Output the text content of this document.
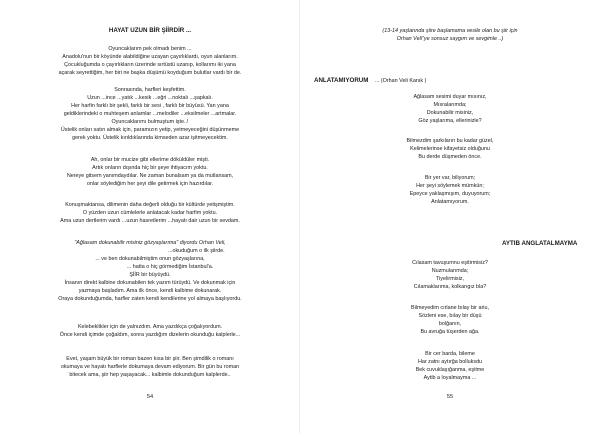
HAYAT UZUN BİR ŞİİRDİR ...

Oyuncaklarım pek olmadı benim ...

Anadolu'nun bir köyünde alabildiğine uzayan çayırlıklardı, oyun alanlarım.

Çocukluğumda o çayırlıkların üzerinde sırtüstü uzanıp, kollarımı iki yana

açarak seyrettiğim, her biri ne başka düşümü koyduğum bulutlar vardı bir de.

Sonrasında, harfleri keşfettim.

Uzun ...ince ...yatık ...kesik ...eğri ...noktalı ...şapkalı.

Her harfin farklı bir şekli, farklı bir sesi , farklı bir büyüsü. Yan yana

geldiklerindeki o muhteşem anlamlar ...melodiler ...eksilmeler ...artmalar.

Oyuncaklarımı bulmuştum işte..!

Üstelik onları satın almak için, paramızın yetip, yetmeyeceğini düşünmeme

gerek yoktu. Üstelik kırıldıklarında kimseden azar işitmeyecektim.

Ah, onlar bir mucize gibi ellerime döküldüler mişti.

Artık onların dışında hiç bir şeye ihtiyacım yoktu.

Nereye gitsem yanımdaydılar. Ne zaman bunalsam ya da mutlansam,

onlar söylediğim her şeyi dile getirmek için hazırdılar.

Konuşmaktansa, dilimenin daha değerli olduğu bir kültürde yetişmiştim.

O yüzden uzun cümlelerle anlatacak kadar harfim yoktu.

Ama uzun dertlerim vardı ...uzun hasretlerim ...hayatı dair uzun bir sevdam.

"Ağlasam dokunabilir misiniz gözyaşlarıma" diyordu Orhan Veli,

...okuduğum o ilk şiirde.

... ve ben dokunabilmiştim onun gözyaşlarına,

... hatta o hiç görmediğim İstanbul'a.

ŞİİR bir büyüydü.

İnsanın direkt kalbine dokunabilen tek yazım türüydü. Ve dokunmak için

yazmaya başladım. Ama ilk önce, kendi kalbime dokunarak.

Oraya dokunduğumda, harfler zaten kendi kendilerine yol almaya başlıyordu.

Kelebeklikler için de yalnızdım. Ama yazdıkça çoğalıyordum.

Önce kendi içimde çoğaldım, sonra yazdığım dizelerin okunduğu kalplerle...

Evet, yaşam büyük bir roman bazen kısa bir şiir. Ben şimdilik o romanı

okumaya ve hayatı harflerle dokumaya devam ediyorum. Bir gün bu roman

bitecek ama, şiir hep yaşayacak... kalbimle dokunduğum kalplerde..

54

(13-14 yaşlarında şiire başlamama vesile olan bu şiir için

Orhan Veli"ye sonsuz saygım ve sevgimle ..)

ANLATAMIYORUM ... (Orhan Veli Kanık )

Ağlasam sesimi duyar mısınız,

Mısralarımda;

Dokunabilir misiniz,

Göz yaşlarıma, ellerinizle?

Bilmezdim şarkıların bu kadar güzel,

Kelimelerinse kifayetsiz olduğunu

Bu derde düşmeden önce.

Bir yer var, biliyorum;

Her şeyi söylemek mümkün;

Epeyce yaklaşmışım, duyuyorum;

Anlatamıyorum.

AYTIB ANGLATALMAYMA

Cılasam tavuşumnu eşitirmisiz?

Nuzmularımda;

Tiyelirmisiz,

Cılamaklarıma, kolkarıgız bla?

Bilmeyedim cırlane bılay bir ariu,

Sözleni ese, bılay bir düşü

bolğanın,

Bu avruğa tüşerden ağa.

Bir cer barda, bileme

Har zatnı aytırğa bolluksdu

Bek cuvuklaşığanma, eşitme

Aytib a loyalmayma ...

55
